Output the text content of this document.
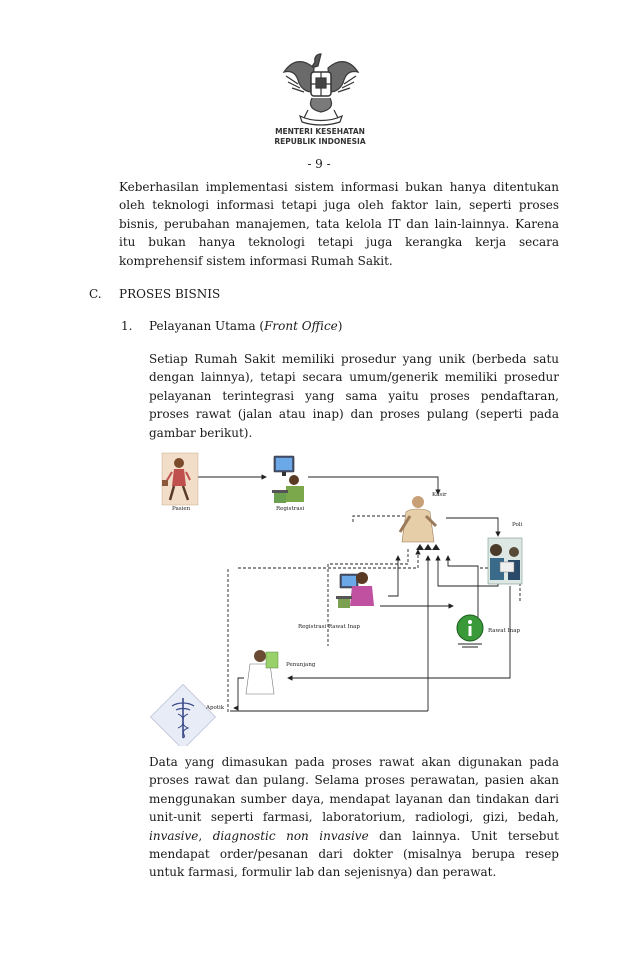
MENTERI KESEHATAN
REPUBLIK INDONESIA
- 9 -

Keberhasilan implementasi sistem informasi bukan hanya ditentukan oleh teknologi informasi tetapi juga oleh faktor lain, seperti proses bisnis, perubahan manajemen, tata kelola IT dan lain-lainnya. Karena itu bukan hanya teknologi tetapi juga kerangka kerja secara komprehensif sistem informasi Rumah Sakit.

C. PROSES BISNIS
1. Pelayanan Utama (Front Office)

Setiap Rumah Sakit memiliki prosedur yang unik (berbeda satu dengan lainnya), tetapi secara umum/generik memiliki prosedur pelayanan terintegrasi yang sama yaitu proses pendaftaran, proses rawat (jalan atau inap) dan proses pulang (seperti pada gambar berikut).

Pasien	Registrasi
Kasir
Poli
Registrasi Rawat Inap
Rawat Inap
Penunjang
Apotik

Data yang dimasukan pada proses rawat akan digunakan pada proses rawat dan pulang. Selama proses perawatan, pasien akan menggunakan sumber daya, mendapat layanan dan tindakan dari unit-unit seperti farmasi, laboratorium, radiologi, gizi, bedah, invasive, diagnostic non invasive dan lainnya. Unit tersebut mendapat order/pesanan dari dokter (misalnya berupa resep untuk farmasi, formulir lab dan sejenisnya) dan perawat.
